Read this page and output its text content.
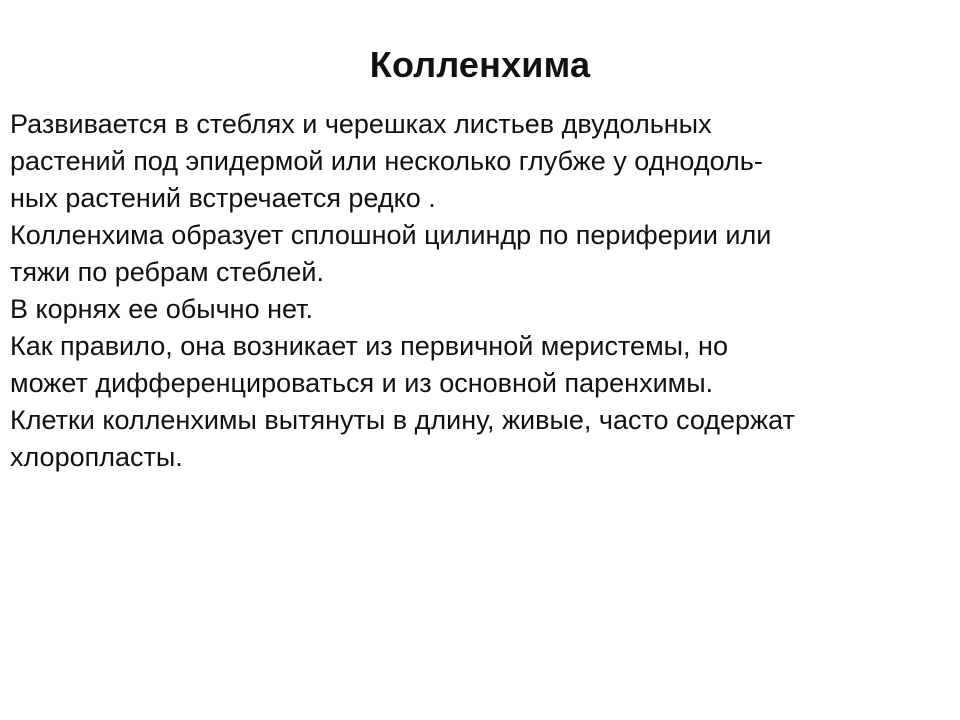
Колленхима
Развивается в стеблях и черешках листьев двудольных
растений под эпидермой или несколько глубже у однодоль-
ных растений встречается редко .
Колленхима образует сплошной цилиндр по периферии или
тяжи по ребрам стеблей.
В корнях ее обычно нет.
Как правило, она возникает из первичной меристемы, но
может дифференцироваться и из основной паренхимы.
Клетки колленхимы вытянуты в длину, живые, часто содержат
хлоропласты.
